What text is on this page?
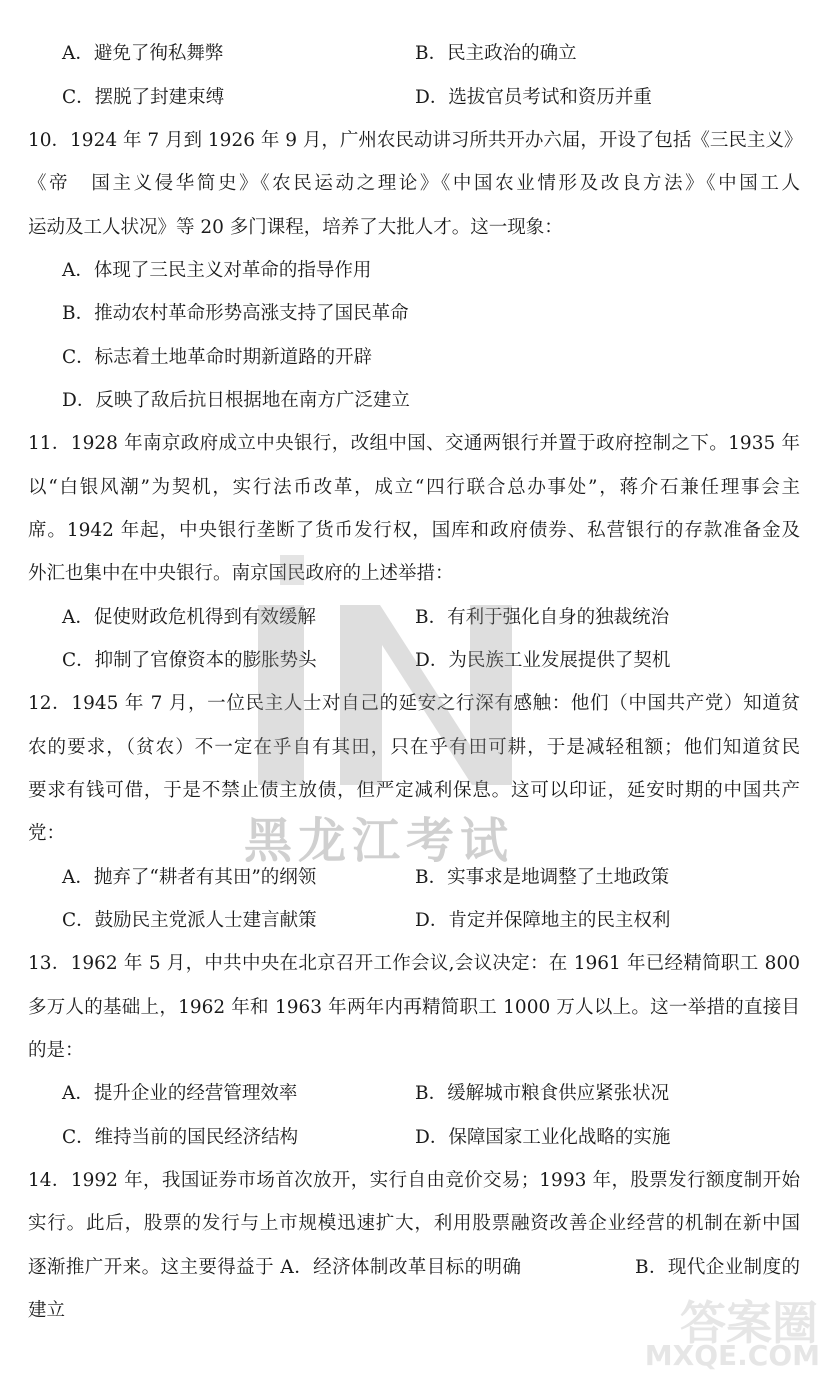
A．避免了徇私舞弊	B．民主政治的确立
C．摆脱了封建束缚	D．选拔官员考试和资历并重
10．1924 年 7 月到 1926 年 9 月，广州农民动讲习所共开办六届，开设了包括《三民主义》
《帝　国主义侵华简史》《农民运动之理论》《中国农业情形及改良方法》《中国工人
运动及工人状况》等 20 多门课程，培养了大批人才。这一现象：
A．体现了三民主义对革命的指导作用
B．推动农村革命形势高涨支持了国民革命
C．标志着土地革命时期新道路的开辟
D．反映了敌后抗日根据地在南方广泛建立
11．1928 年南京政府成立中央银行，改组中国、交通两银行并置于政府控制之下。1935 年
以“白银风潮”为契机，实行法币改革，成立“四行联合总办事处”，蒋介石兼任理事会主
席。1942 年起，中央银行垄断了货币发行权，国库和政府债券、私营银行的存款准备金及
外汇也集中在中央银行。南京国民政府的上述举措：
A．促使财政危机得到有效缓解	B．有利于强化自身的独裁统治
C．抑制了官僚资本的膨胀势头	D．为民族工业发展提供了契机
12．1945 年 7 月，一位民主人士对自己的延安之行深有感触：他们（中国共产党）知道贫
农的要求，（贫农）不一定在乎自有其田，只在乎有田可耕，于是减轻租额；他们知道贫民
要求有钱可借，于是不禁止债主放债，但严定减利保息。这可以印证，延安时期的中国共产
党：
A．抛弃了“耕者有其田”的纲领	B．实事求是地调整了土地政策
C．鼓励民主党派人士建言献策	D．肯定并保障地主的民主权利
13．1962 年 5 月，中共中央在北京召开工作会议,会议决定：在 1961 年已经精简职工 800
多万人的基础上，1962 年和 1963 年两年内再精简职工 1000 万人以上。这一举措的直接目
的是：
A．提升企业的经营管理效率	B．缓解城市粮食供应紧张状况
C．维持当前的国民经济结构	D．保障国家工业化战略的实施
14．1992 年，我国证券市场首次放开，实行自由竞价交易；1993 年，股票发行额度制开始
实行。此后，股票的发行与上市规模迅速扩大，利用股票融资改善企业经营的机制在新中国
逐渐推广开来。这主要得益于 A．经济体制改革目标的明确　　　　　　B．现代企业制度的
建立
黑龙江考试
答案圈
MXQE.COM
